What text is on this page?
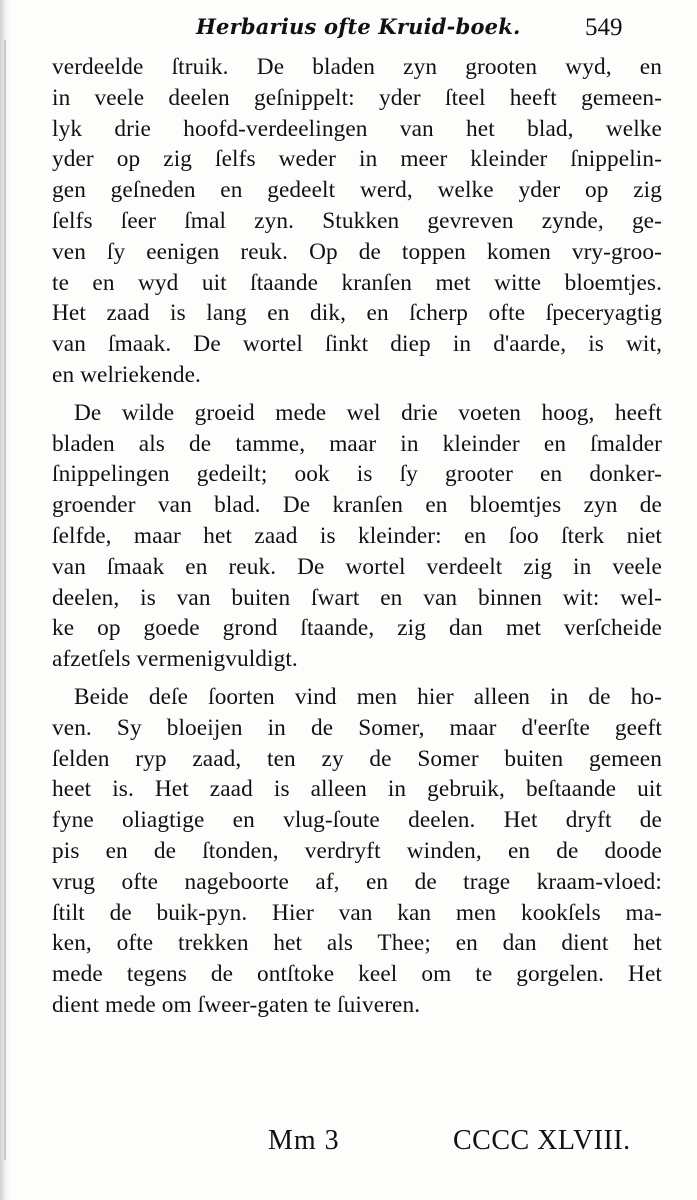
Herbarius ofte Kruid-boek.	549
verdeelde ſtruik. De bladen zyn grooten wyd, en
in veele deelen geſnippelt: yder ſteel heeft gemeen-
lyk drie hoofd-verdeelingen van het blad, welke
yder op zig ſelfs weder in meer kleinder ſnippelin-
gen geſneden en gedeelt werd, welke yder op zig
ſelfs ſeer ſmal zyn. Stukken gevreven zynde, ge-
ven ſy eenigen reuk. Op de toppen komen vry-groo-
te en wyd uit ſtaande kranſen met witte bloemtjes.
Het zaad is lang en dik, en ſcherp ofte ſpeceryagtig
van ſmaak. De wortel ſinkt diep in d'aarde, is wit,
en welriekende.
De wilde groeid mede wel drie voeten hoog, heeft
bladen als de tamme, maar in kleinder en ſmalder
ſnippelingen gedeilt; ook is ſy grooter en donker-
groender van blad. De kranſen en bloemtjes zyn de
ſelfde, maar het zaad is kleinder: en ſoo ſterk niet
van ſmaak en reuk. De wortel verdeelt zig in veele
deelen, is van buiten ſwart en van binnen wit: wel-
ke op goede grond ſtaande, zig dan met verſcheide
afzetſels vermenigvuldigt.
Beide deſe ſoorten vind men hier alleen in de ho-
ven. Sy bloeijen in de Somer, maar d'eerſte geeft
ſelden ryp zaad, ten zy de Somer buiten gemeen
heet is. Het zaad is alleen in gebruik, beſtaande uit
fyne oliagtige en vlug-ſoute deelen. Het dryft de
pis en de ſtonden, verdryft winden, en de doode
vrug ofte nageboorte af, en de trage kraam-vloed:
ſtilt de buik-pyn. Hier van kan men kookſels ma-
ken, ofte trekken het als Thee; en dan dient het
mede tegens de ontſtoke keel om te gorgelen. Het
dient mede om ſweer-gaten te ſuiveren.
Mm 3	CCCC XLVIII.
